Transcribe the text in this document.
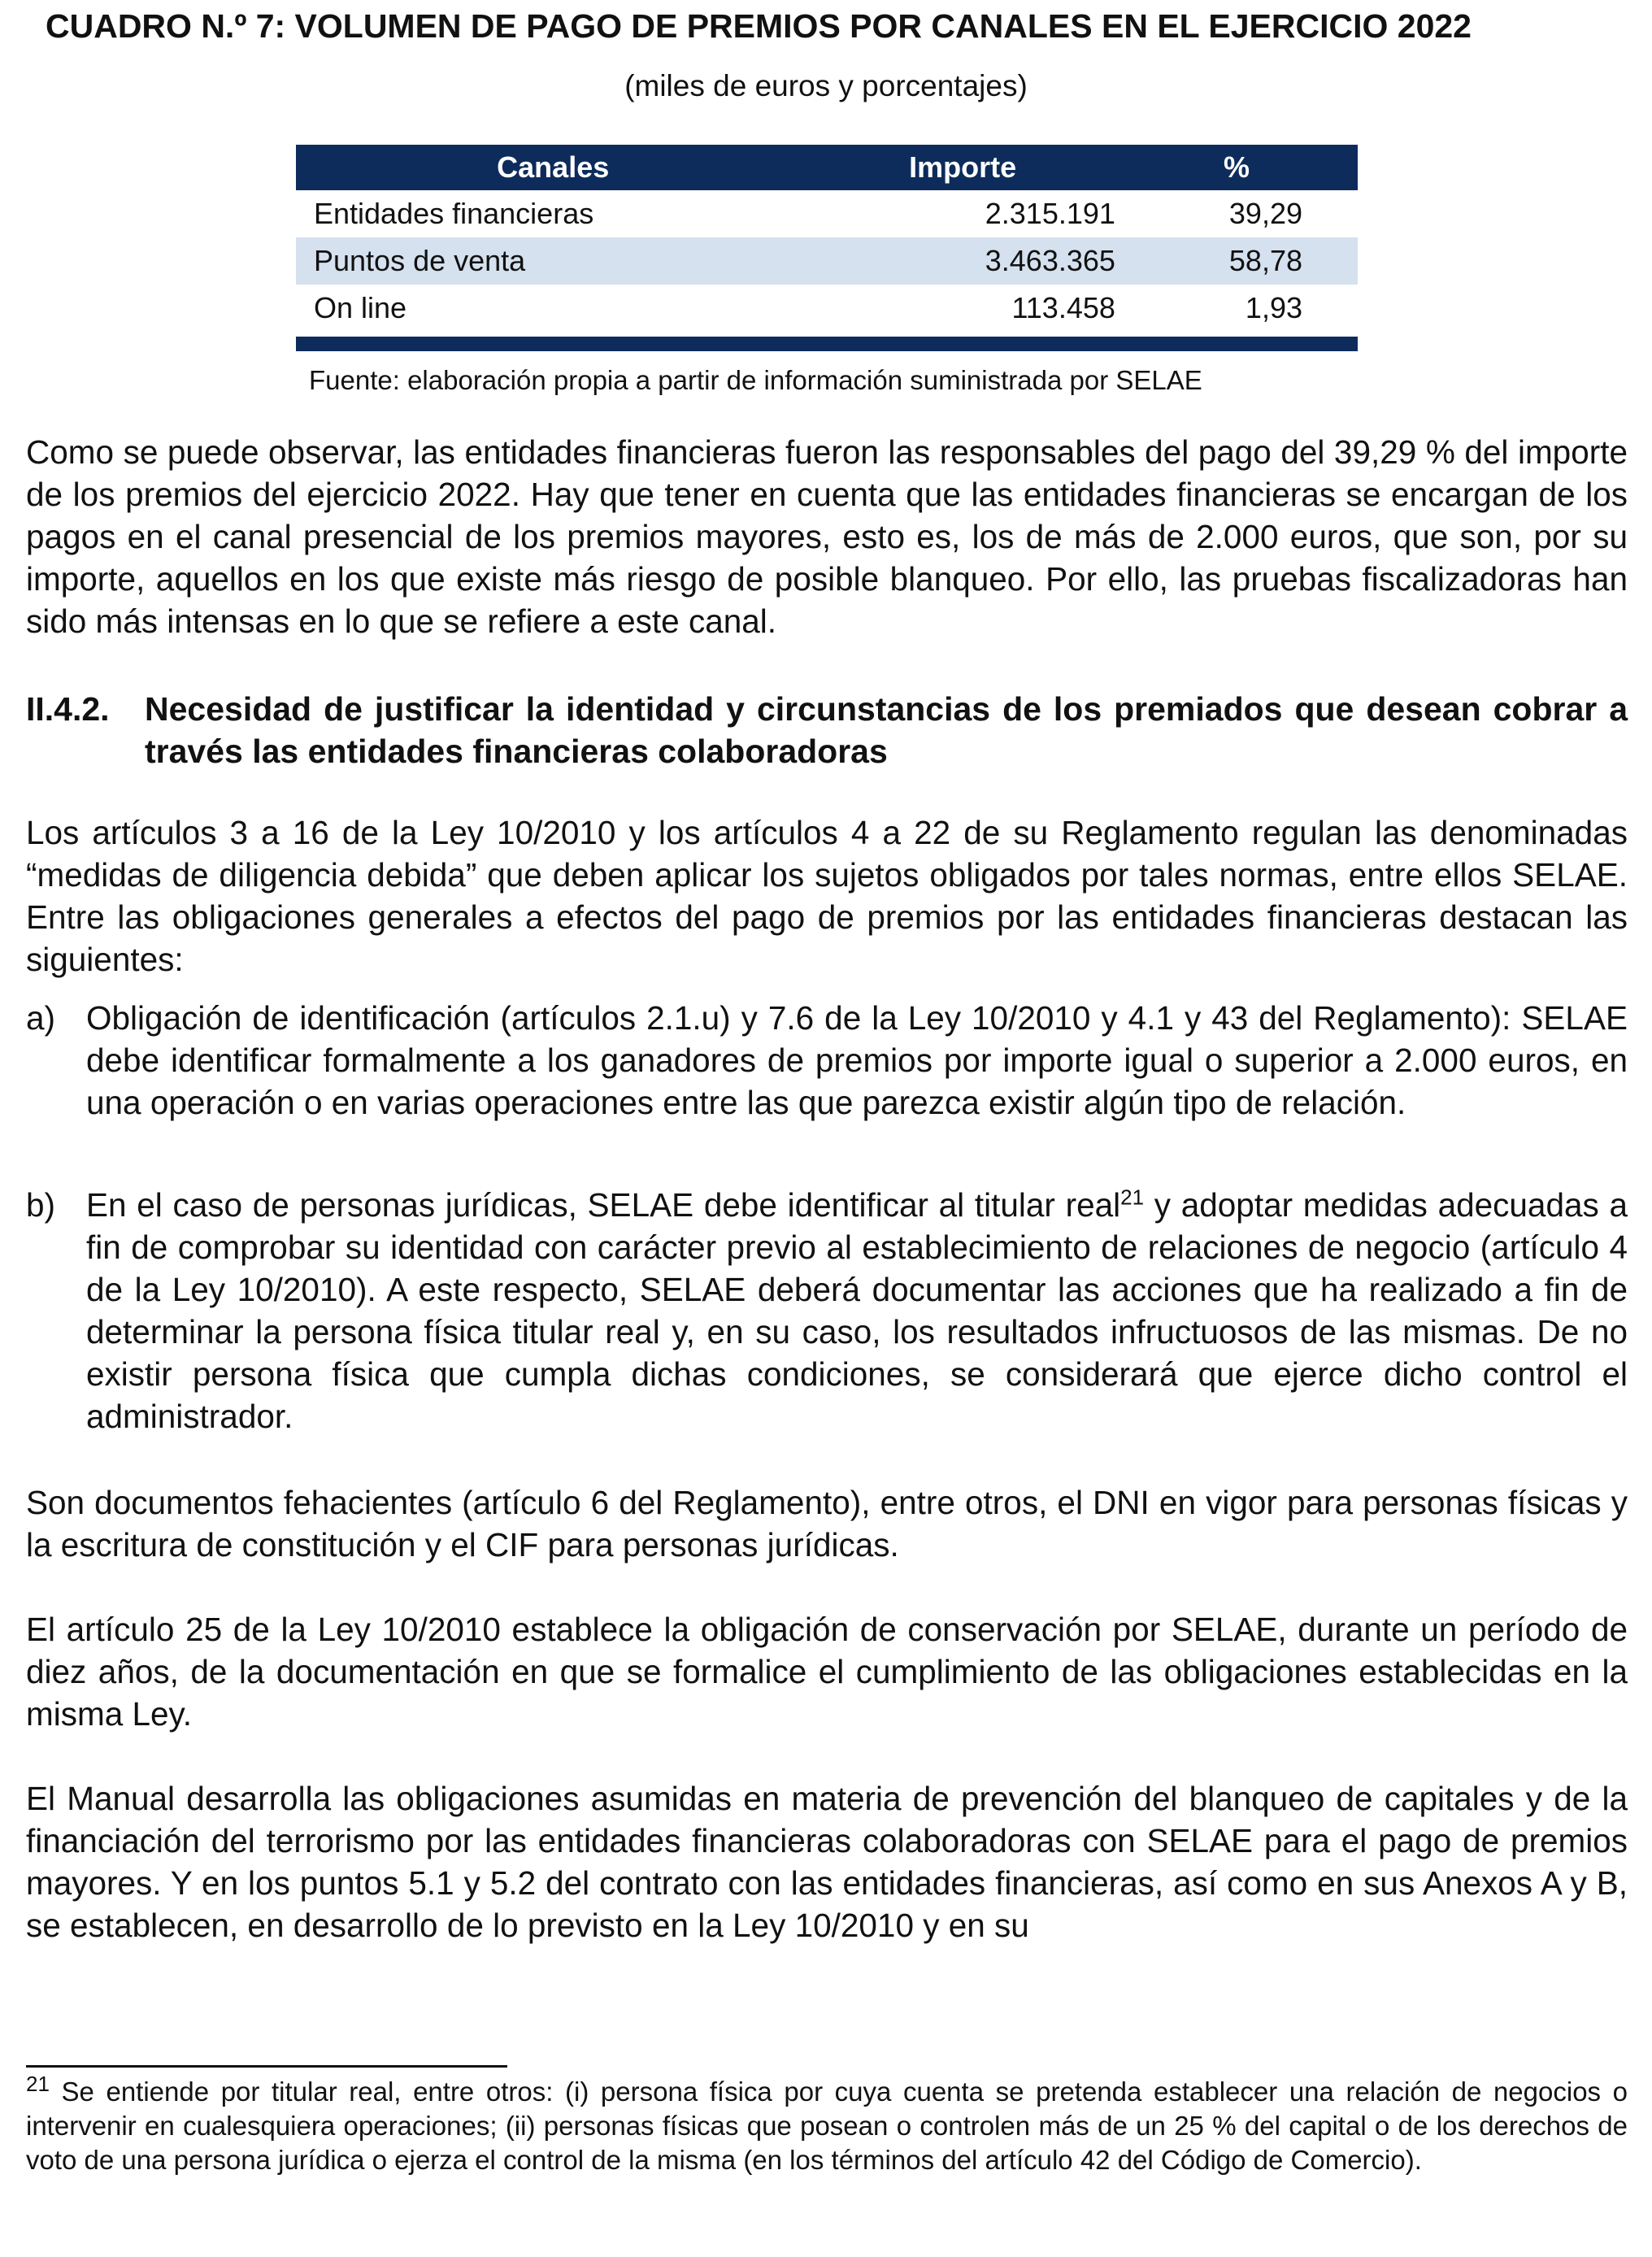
CUADRO N.º 7: VOLUMEN DE PAGO DE PREMIOS POR CANALES EN EL EJERCICIO 2022
(miles de euros y porcentajes)
Canales	Importe	%
Entidades financieras	2.315.191	39,29
Puntos de venta	3.463.365	58,78
On line	113.458	1,93
Fuente: elaboración propia a partir de información suministrada por SELAE
Como se puede observar, las entidades financieras fueron las responsables del pago del 39,29 % del importe de los premios del ejercicio 2022. Hay que tener en cuenta que las entidades financieras se encargan de los pagos en el canal presencial de los premios mayores, esto es, los de más de 2.000 euros, que son, por su importe, aquellos en los que existe más riesgo de posible blanqueo. Por ello, las pruebas fiscalizadoras han sido más intensas en lo que se refiere a este canal.
II.4.2. Necesidad de justificar la identidad y circunstancias de los premiados que desean cobrar a través las entidades financieras colaboradoras
Los artículos 3 a 16 de la Ley 10/2010 y los artículos 4 a 22 de su Reglamento regulan las denominadas “medidas de diligencia debida” que deben aplicar los sujetos obligados por tales normas, entre ellos SELAE. Entre las obligaciones generales a efectos del pago de premios por las entidades financieras destacan las siguientes:
a) Obligación de identificación (artículos 2.1.u) y 7.6 de la Ley 10/2010 y 4.1 y 43 del Reglamento): SELAE debe identificar formalmente a los ganadores de premios por importe igual o superior a 2.000 euros, en una operación o en varias operaciones entre las que parezca existir algún tipo de relación.
b) En el caso de personas jurídicas, SELAE debe identificar al titular real$^{21}$ y adoptar medidas adecuadas a fin de comprobar su identidad con carácter previo al establecimiento de relaciones de negocio (artículo 4 de la Ley 10/2010). A este respecto, SELAE deberá documentar las acciones que ha realizado a fin de determinar la persona física titular real y, en su caso, los resultados infructuosos de las mismas. De no existir persona física que cumpla dichas condiciones, se considerará que ejerce dicho control el administrador.
Son documentos fehacientes (artículo 6 del Reglamento), entre otros, el DNI en vigor para personas físicas y la escritura de constitución y el CIF para personas jurídicas.
El artículo 25 de la Ley 10/2010 establece la obligación de conservación por SELAE, durante un período de diez años, de la documentación en que se formalice el cumplimiento de las obligaciones establecidas en la misma Ley.
El Manual desarrolla las obligaciones asumidas en materia de prevención del blanqueo de capitales y de la financiación del terrorismo por las entidades financieras colaboradoras con SELAE para el pago de premios mayores. Y en los puntos 5.1 y 5.2 del contrato con las entidades financieras, así como en sus Anexos A y B, se establecen, en desarrollo de lo previsto en la Ley 10/2010 y en su
$^{21}$ Se entiende por titular real, entre otros: (i) persona física por cuya cuenta se pretenda establecer una relación de negocios o intervenir en cualesquiera operaciones; (ii) personas físicas que posean o controlen más de un 25 % del capital o de los derechos de voto de una persona jurídica o ejerza el control de la misma (en los términos del artículo 42 del Código de Comercio).
